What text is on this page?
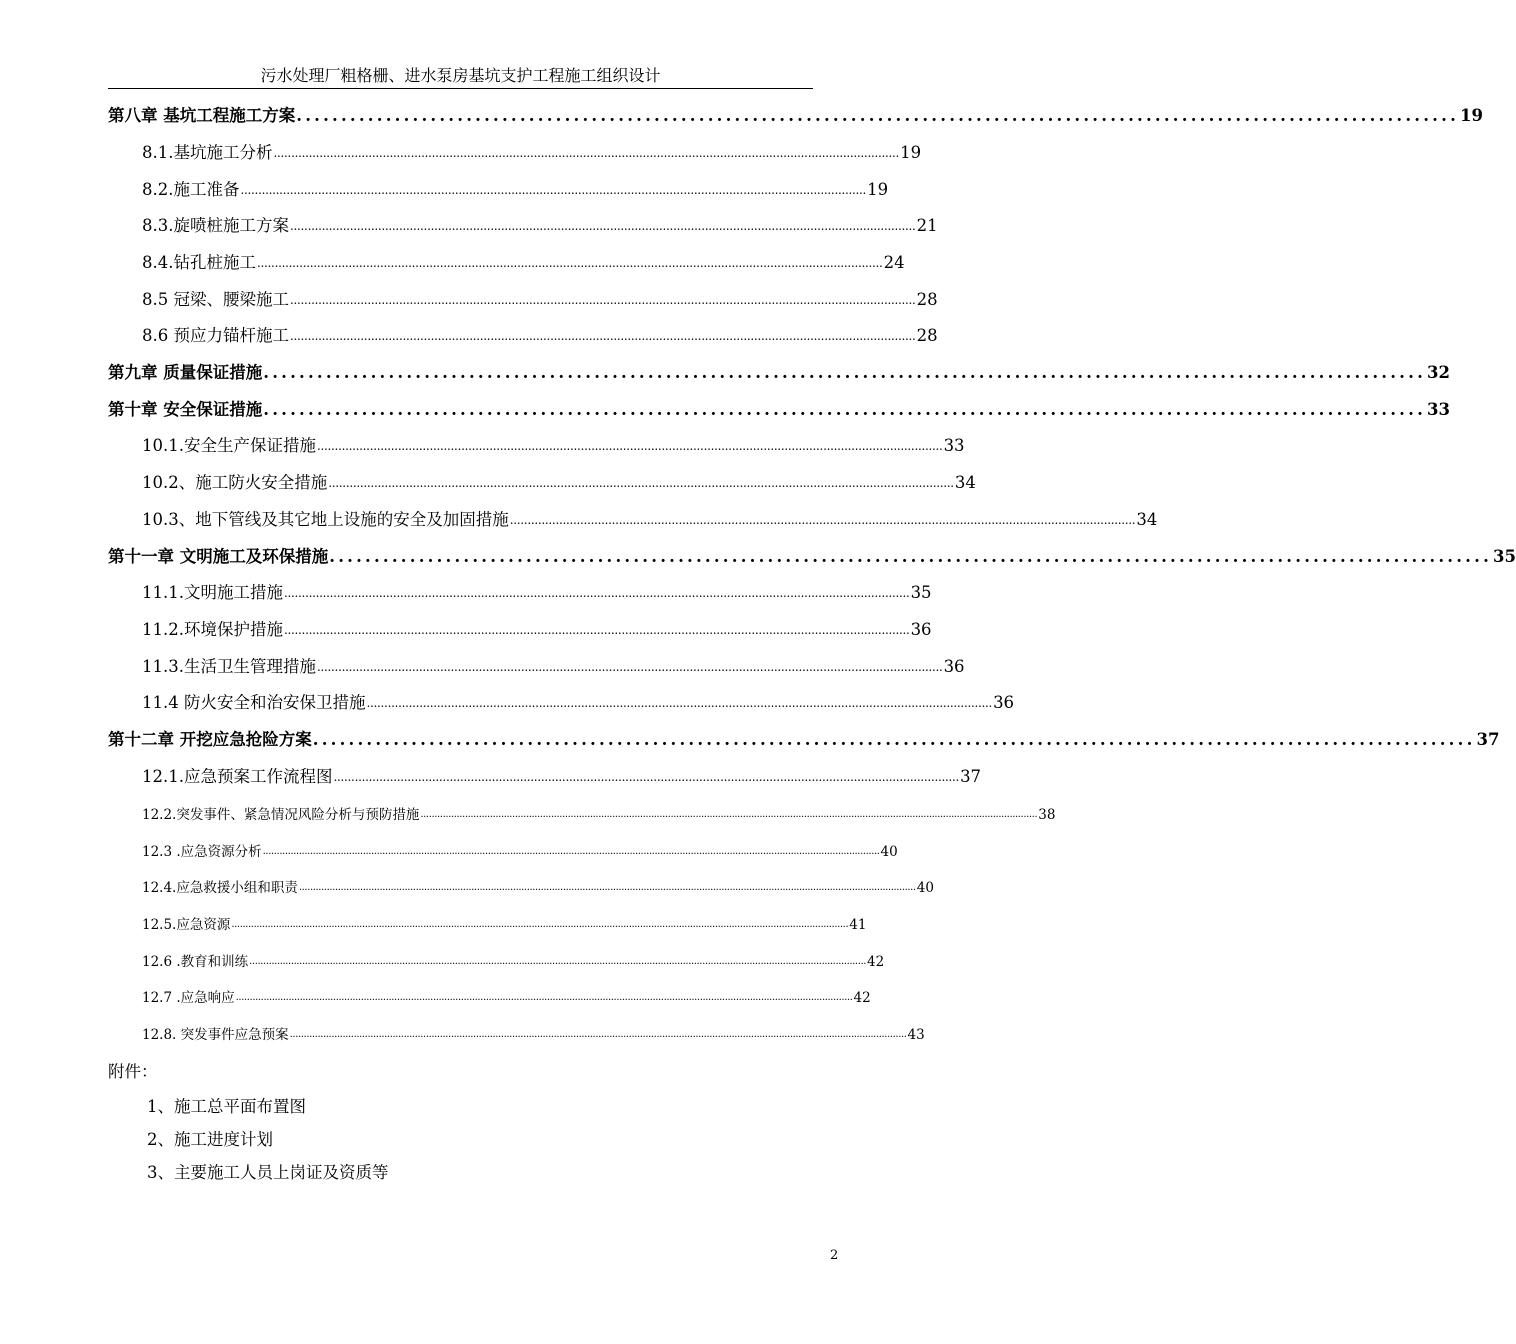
污水处理厂粗格栅、进水泵房基坑支护工程施工组织设计
第八章 基坑工程施工方案 .................................................................................................................................. 19
8.1.基坑施工分析 .................................................................................................................................................................................. 19
8.2.施工准备 .................................................................................................................................................................................. 19
8.3.旋喷桩施工方案 .................................................................................................................................................................................. 21
8.4.钻孔桩施工 .................................................................................................................................................................................. 24
8.5 冠梁、腰梁施工 .................................................................................................................................................................................. 28
8.6 预应力锚杆施工 .................................................................................................................................................................................. 28
第九章 质量保证措施 .................................................................................................................................. 32
第十章 安全保证措施 .................................................................................................................................. 33
10.1.安全生产保证措施 .................................................................................................................................................................................. 33
10.2、施工防火安全措施 .................................................................................................................................................................................. 34
10.3、地下管线及其它地上设施的安全及加固措施 .................................................................................................................................................................................. 34
第十一章 文明施工及环保措施 .................................................................................................................................. 35
11.1.文明施工措施 .................................................................................................................................................................................. 35
11.2.环境保护措施 .................................................................................................................................................................................. 36
11.3.生活卫生管理措施 .................................................................................................................................................................................. 36
11.4 防火安全和治安保卫措施 .................................................................................................................................................................................. 36
第十二章 开挖应急抢险方案 .................................................................................................................................. 37
12.1.应急预案工作流程图 .................................................................................................................................................................................. 37
12.2.突发事件、紧急情况风险分析与预防措施 .............................................................................................................................................................................................................................. 38
12.3 .应急资源分析 .............................................................................................................................................................................................................................. 40
12.4.应急救援小组和职责 .............................................................................................................................................................................................................................. 40
12.5.应急资源 .............................................................................................................................................................................................................................. 41
12.6 .教育和训练 .............................................................................................................................................................................................................................. 42
12.7 .应急响应 .............................................................................................................................................................................................................................. 42
12.8. 突发事件应急预案 .............................................................................................................................................................................................................................. 43
附件：
1、施工总平面布置图
2、施工进度计划
3、主要施工人员上岗证及资质等
2
